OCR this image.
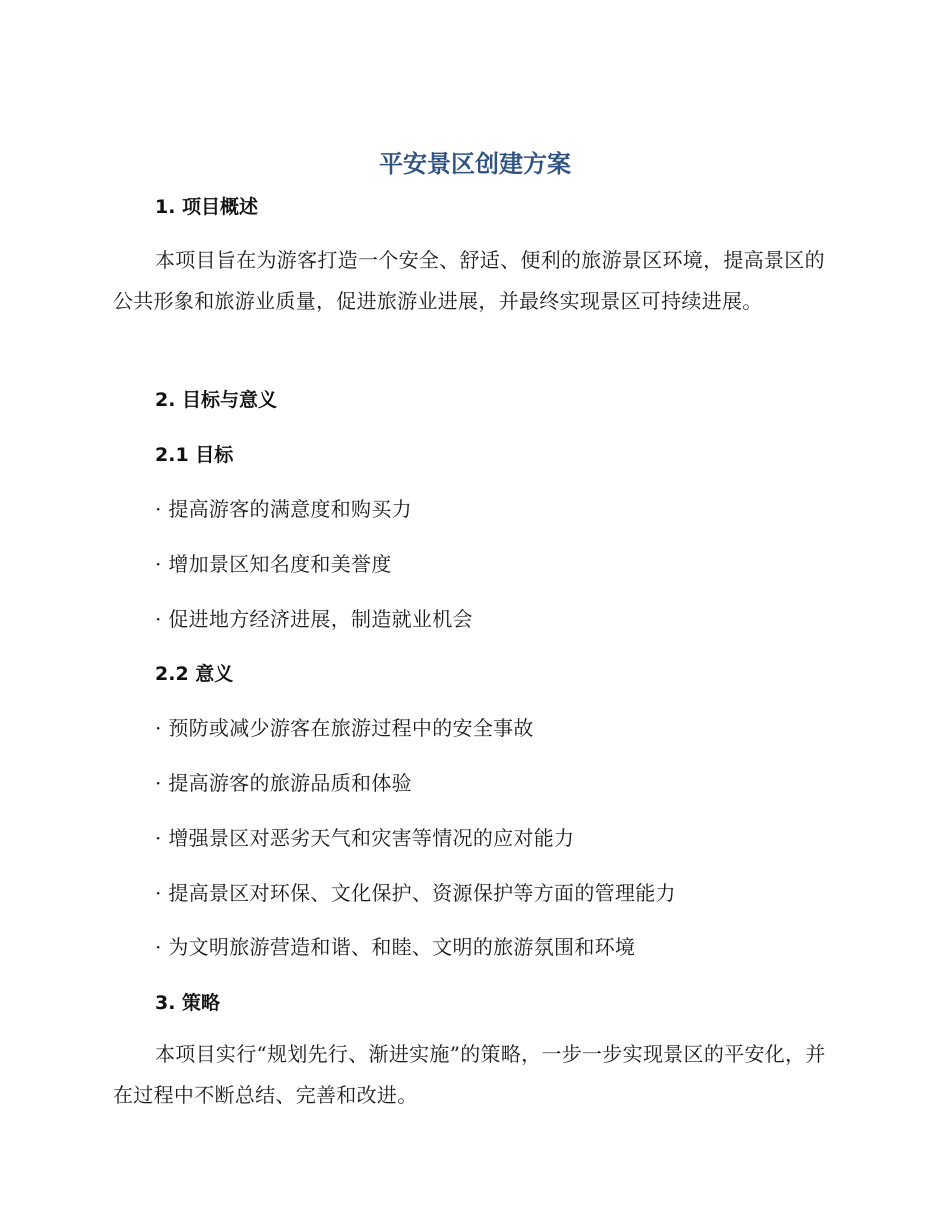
平安景区创建方案
1. 项目概述

本项目旨在为游客打造一个安全、舒适、便利的旅游景区环境，提高景区的公共形象和旅游业质量，促进旅游业进展，并最终实现景区可持续进展。

2. 目标与意义
2.1 目标

· 提高游客的满意度和购买力

· 增加景区知名度和美誉度

· 促进地方经济进展，制造就业机会

2.2 意义

· 预防或减少游客在旅游过程中的安全事故

· 提高游客的旅游品质和体验

· 增强景区对恶劣天气和灾害等情况的应对能力

· 提高景区对环保、文化保护、资源保护等方面的管理能力

· 为文明旅游营造和谐、和睦、文明的旅游氛围和环境

3. 策略

本项目实行“规划先行、渐进实施”的策略，一步一步实现景区的平安化，并在过程中不断总结、完善和改进。
